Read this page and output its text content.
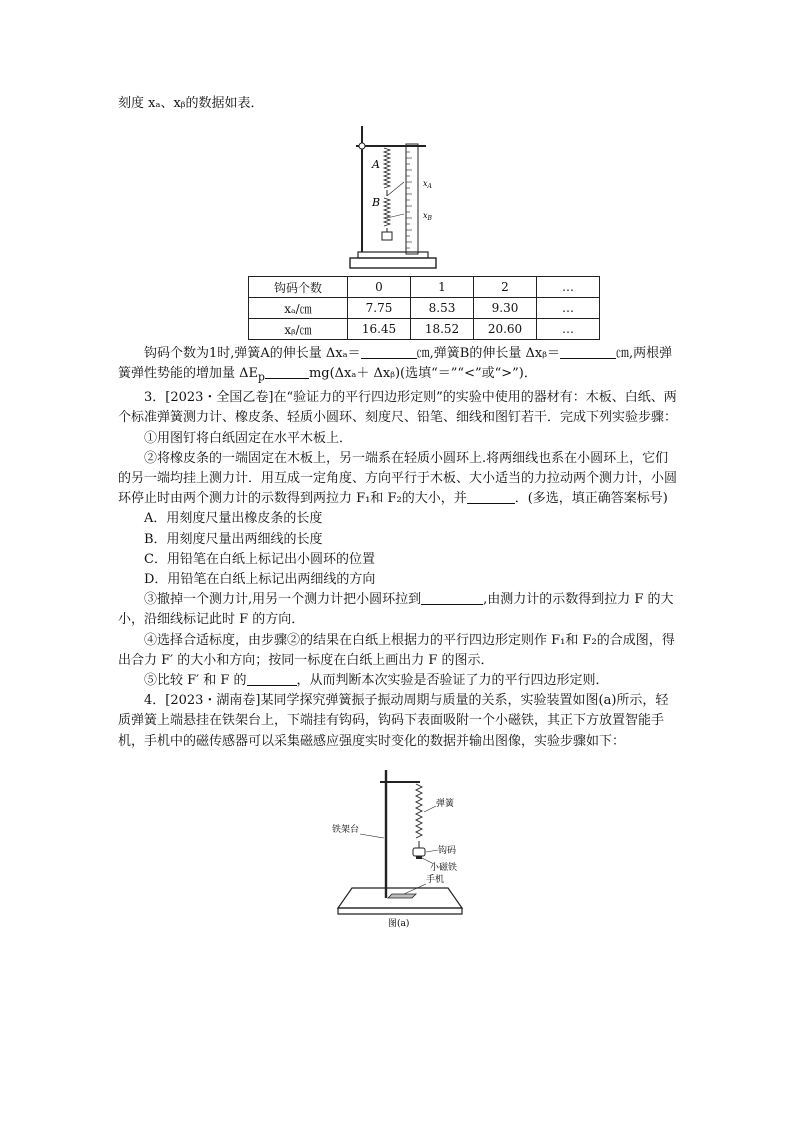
刻度 xₐ、xᵦ的数据如表．

A
B
$x_A$
$x_B$
钩码个数	0	1	2	…
xₐ/㎝	7.75	8.53	9.30	…
xᵦ/㎝	16.45	18.52	20.60	…

钩码个数为1时,弹簧A的伸长量 Δxₐ＝	㎝,弹簧B的伸长量 Δxᵦ＝	㎝,两根弹簧弹性势能的增加量 $\Delta E_p$	mg(Δxₐ＋ Δxᵦ)(选填“＝”“<”或“>”)．

3．[2023・全国乙卷]在“验证力的平行四边形定则”的实验中使用的器材有：木板、白纸、两个标准弹簧测力计、橡皮条、轻质小圆环、刻度尺、铅笔、细线和图钉若干．完成下列实验步骤：

①用图钉将白纸固定在水平木板上．

②将橡皮条的一端固定在木板上，另一端系在轻质小圆环上.将两细线也系在小圆环上，它们的另一端均挂上测力计．用互成一定角度、方向平行于木板、大小适当的力拉动两个测力计，小圆环停止时由两个测力计的示数得到两拉力 F₁和 F₂的大小，并	．(多选，填正确答案标号)

A．用刻度尺量出橡皮条的长度

B．用刻度尺量出两细线的长度

C．用铅笔在白纸上标记出小圆环的位置

D．用铅笔在白纸上标记出两细线的方向

③撤掉一个测力计,用另一个测力计把小圆环拉到	,由测力计的示数得到拉力 F 的大小，沿细线标记此时 F 的方向．

④选择合适标度，由步骤②的结果在白纸上根据力的平行四边形定则作 F₁和 F₂的合成图，得出合力 F′ 的大小和方向；按同一标度在白纸上画出力 F 的图示．

⑤比较 F′ 和 F 的	，从而判断本次实验是否验证了力的平行四边形定则．

4．[2023・湖南卷]某同学探究弹簧振子振动周期与质量的关系，实验装置如图(a)所示，轻质弹簧上端悬挂在铁架台上，下端挂有钩码，钩码下表面吸附一个小磁铁，其正下方放置智能手机，手机中的磁传感器可以采集磁感应强度实时变化的数据并输出图像，实验步骤如下：

弹簧
铁架台
钩码
小磁铁
手机
图(a)
